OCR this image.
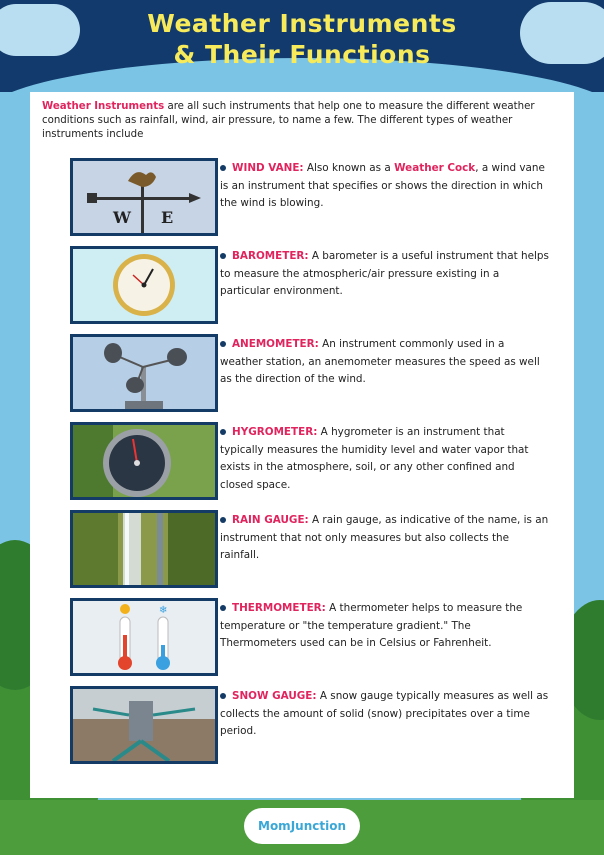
Weather Instruments
& Their Functions

Weather Instruments are all such instruments that help one to measure the different weather conditions such as rainfall, wind, air pressure, to name a few. The different types of weather instruments include

W E
WIND VANE: Also known as a Weather Cock, a wind vane is an instrument that specifies or shows the direction in which the wind is blowing.
BAROMETER: A barometer is a useful instrument that helps to measure the atmospheric/air pressure existing in a particular environment.
ANEMOMETER: An instrument commonly used in a weather station, an anemometer measures the speed as well as the direction of the wind.
HYGROMETER: A hygrometer is an instrument that typically measures the humidity level and water vapor that exists in the atmosphere, soil, or any other confined and closed space.
RAIN GAUGE: A rain gauge, as indicative of the name, is an instrument that not only measures but also collects the rainfall.
❄	THERMOMETER: A thermometer helps to measure the temperature or "the temperature gradient." The Thermometers used can be in Celsius or Fahrenheit.
SNOW GAUGE: A snow gauge typically measures as well as collects the amount of solid (snow) precipitates over a time period.
MomJunction
